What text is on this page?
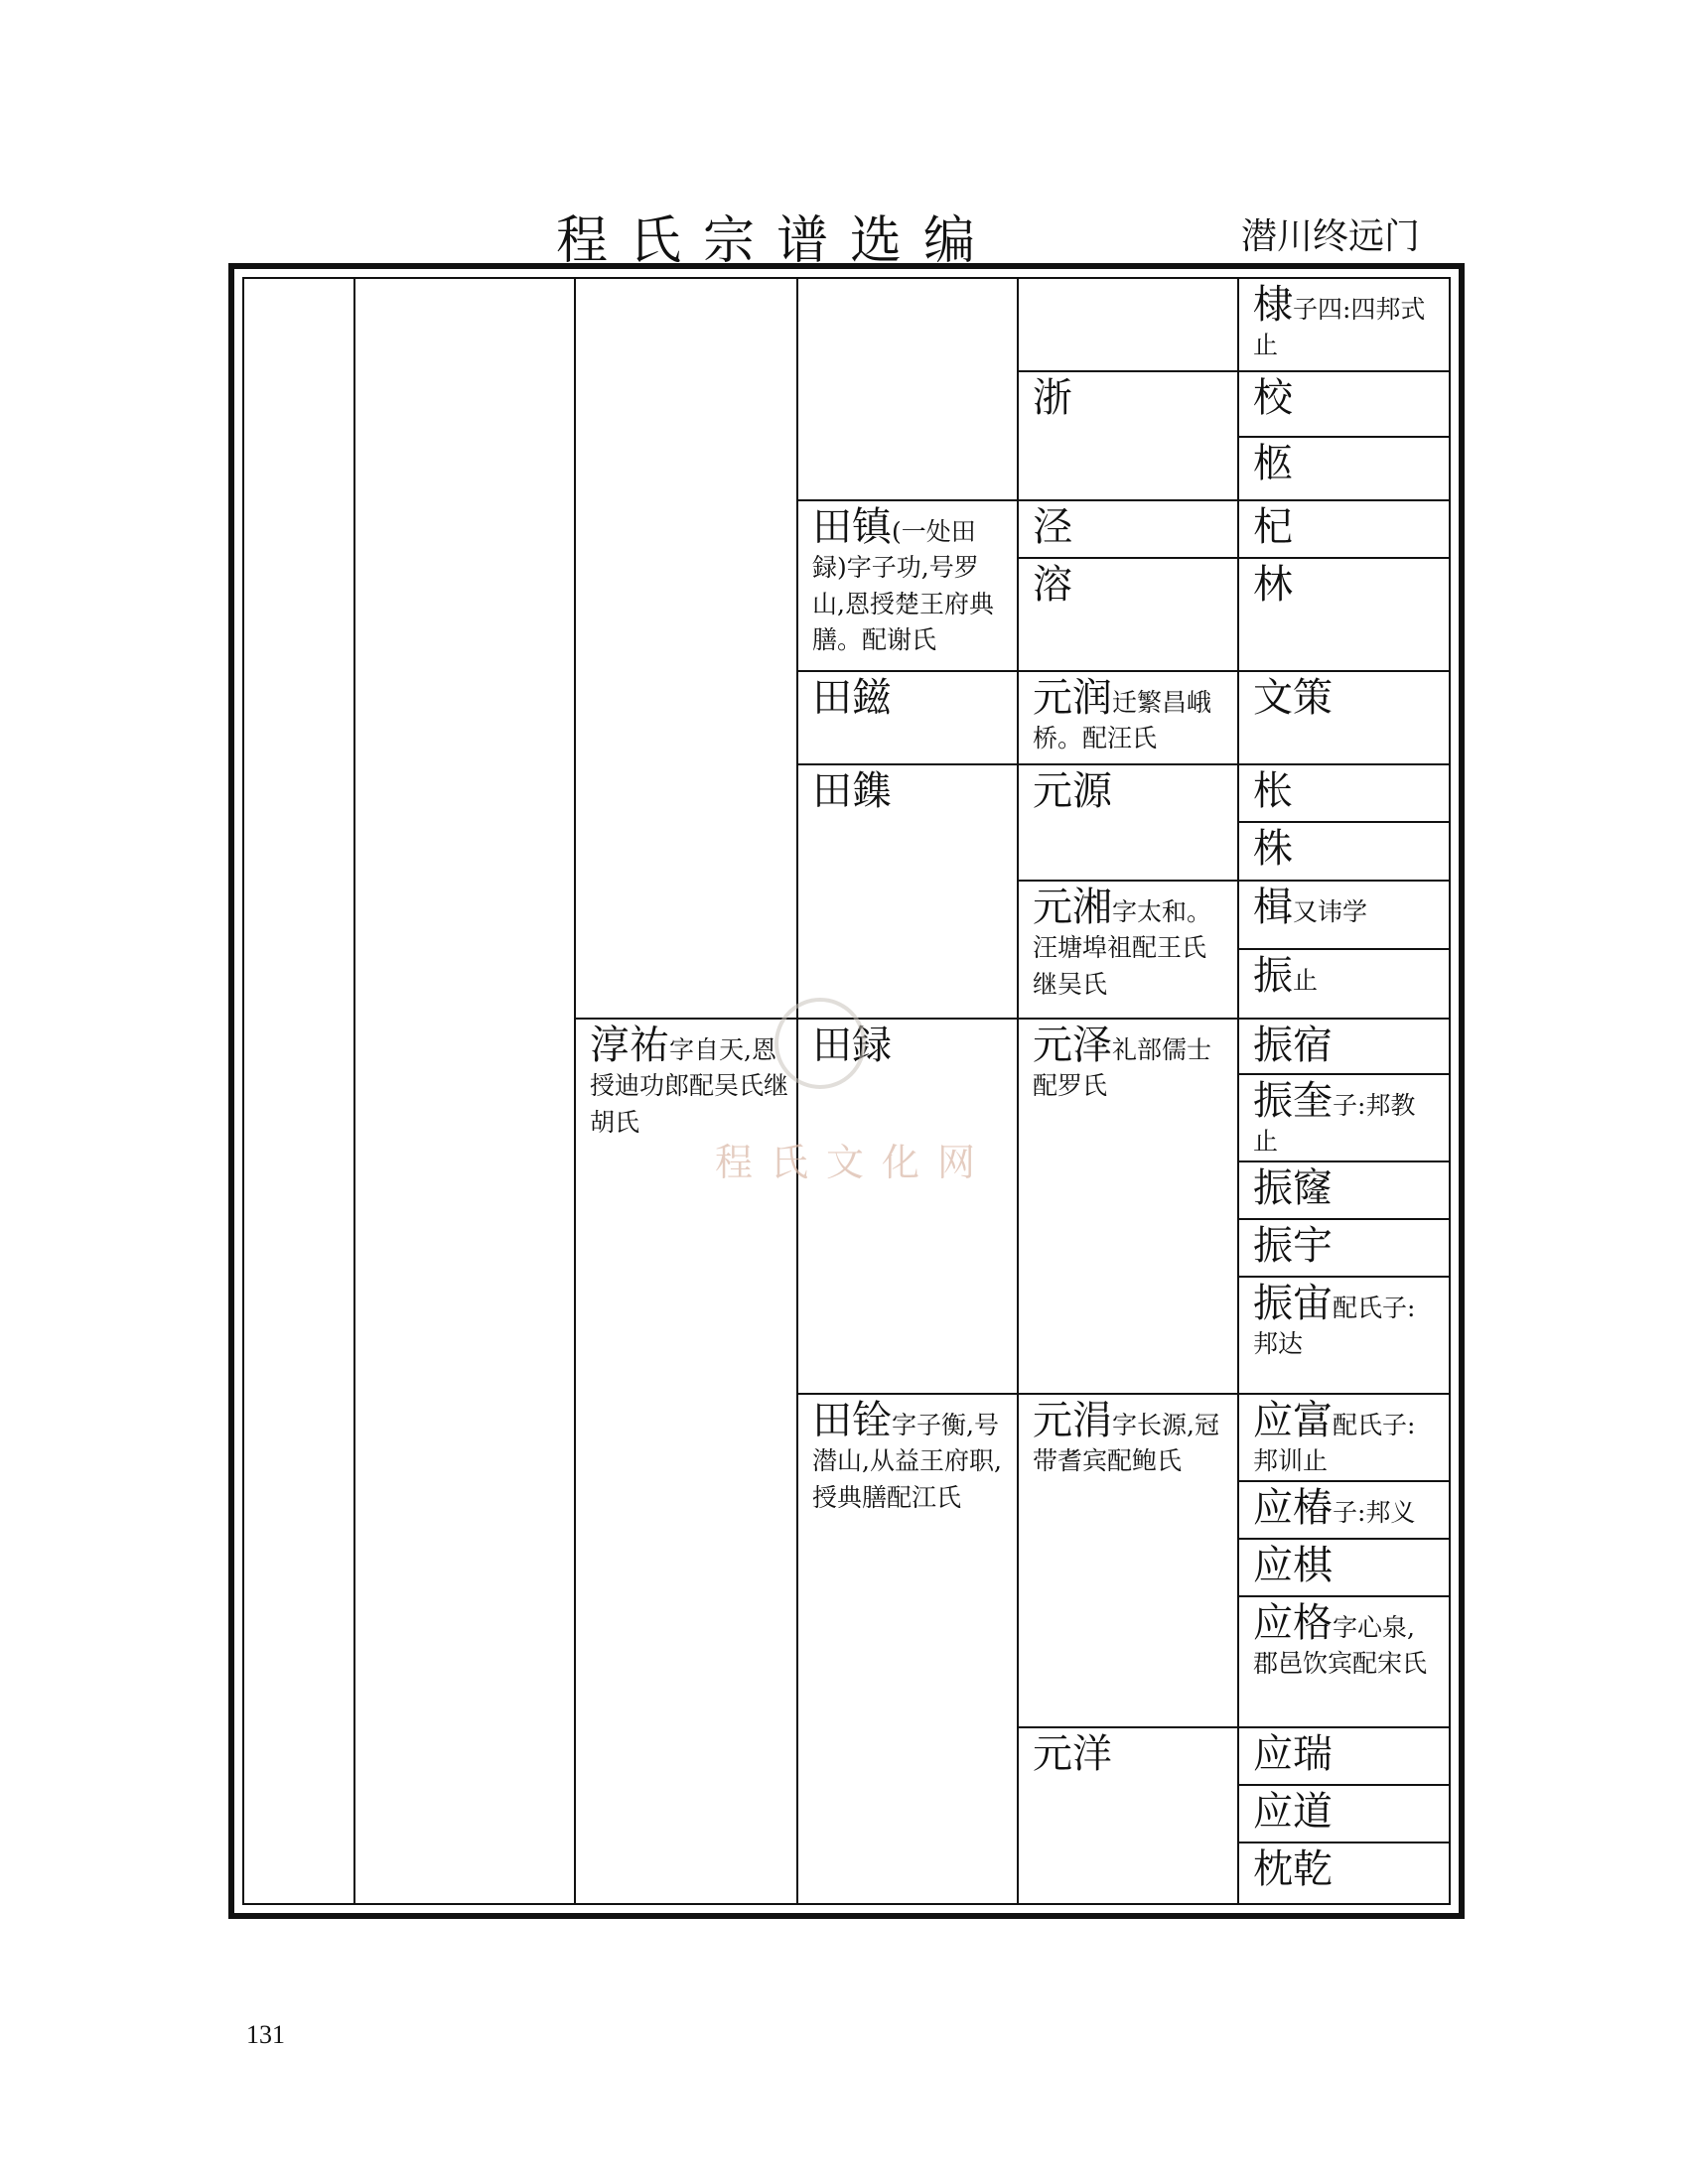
程氏宗谱选编	潜川终远门
淳祐字自天,恩授迪功郎配吴氏继胡氏
田镇(一处田録)字子功,号罗山,恩授楚王府典膳。配谢氏
田鎡
田鏶
田録
田铨字子衡,号潜山,从益王府职,授典膳配江氏
浙
泾
溶
元润迁繁昌峨桥。配汪氏
元源
元湘字太和。汪塘埠祖配王氏继吴氏
元泽礼部儒士配罗氏
元涓字长源,冠带耆宾配鲍氏
元洋
棣子四:四邦式止
校
柩
杞
林
文策
枨
株
楫又讳学
振止
振宿
振奎子:邦教止
振窿
振宇
振宙配氏子:邦达
应富配氏子:邦训止
应椿子:邦义
应棋
应格字心泉,郡邑饮宾配宋氏
应瑞
应道
枕乾
程氏文化网
131
